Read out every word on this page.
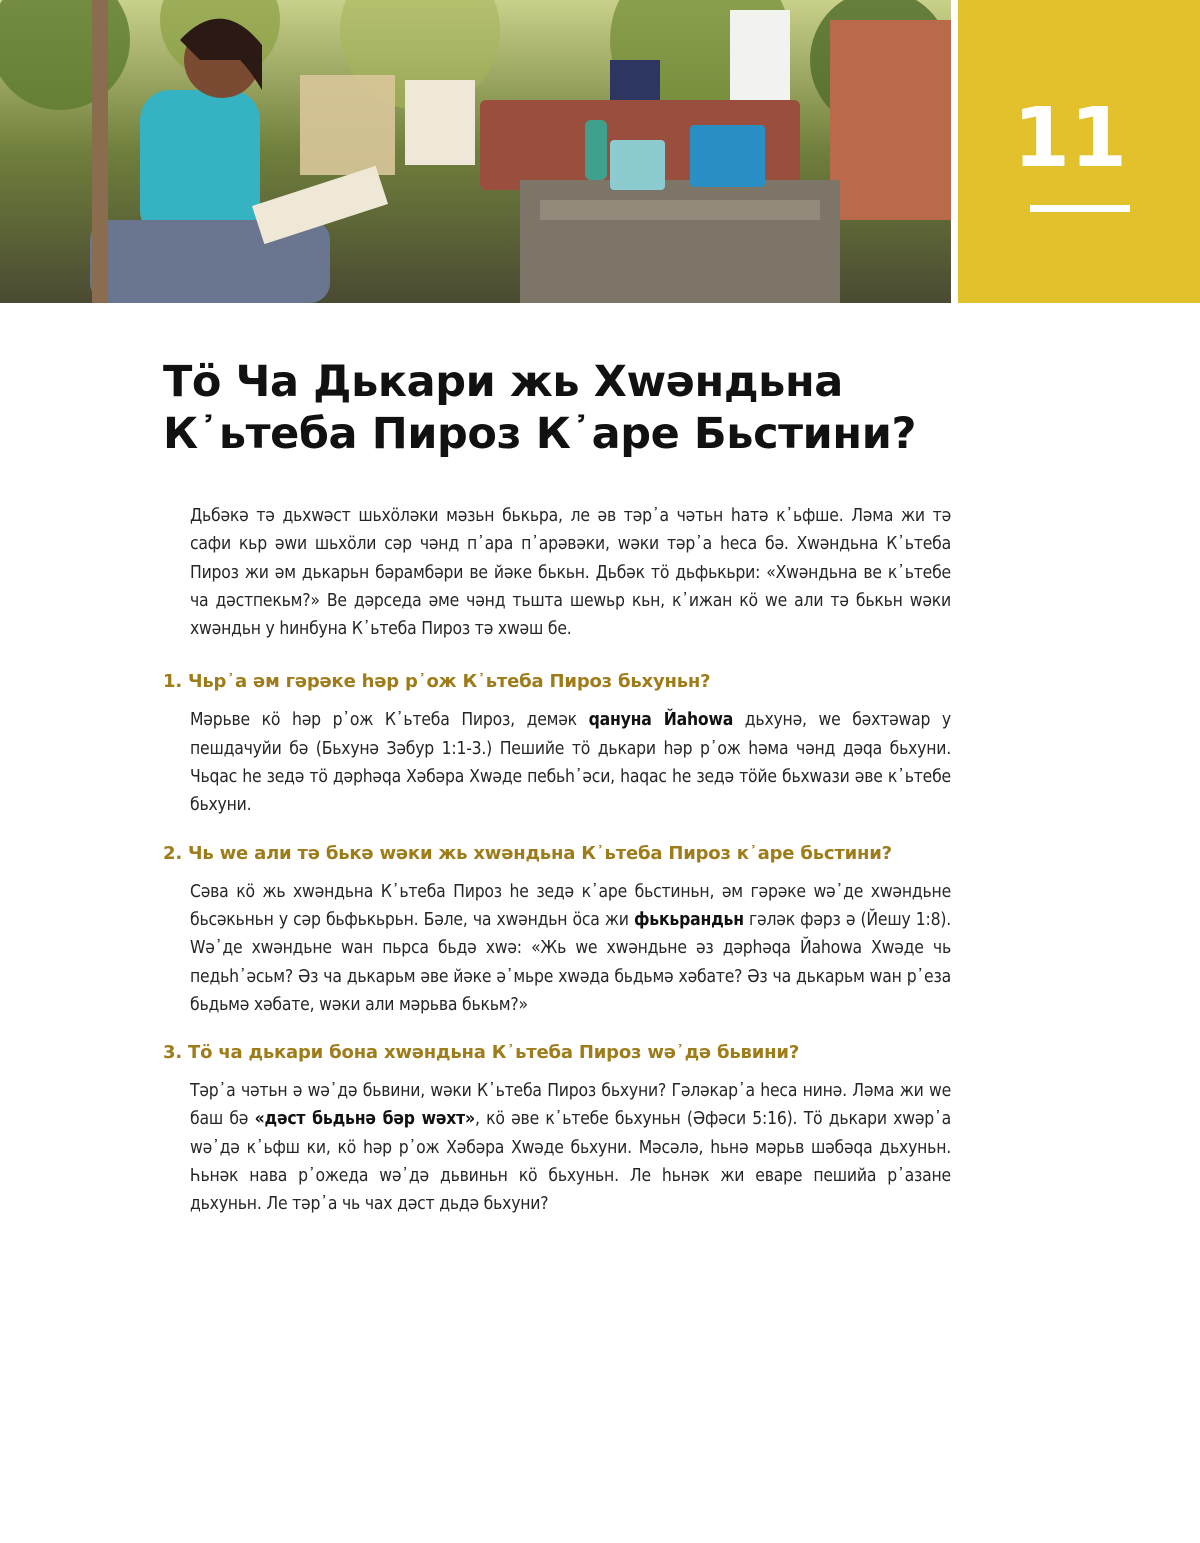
11
Тӧ Ча Дькари жь Хwәндьна
К᾽ьтеба Пироз К᾽аре Бьстини?

Дьбәкә тә дьхwәст шьхӧләки мәзьн бькьра, ле әв тәр᾽а чәтьн һатә к᾽ьфше. Ләма жи тә сафи кьр әwи шьхӧли сәр чәнд п᾽ара п᾽арәвәки, wәки тәр᾽а һеса бә. Хwәндьна К᾽ьтеба Пироз жи әм дькарьн бәрамбәри ве йәке бькьн. Дьбәк тӧ дьфькьри: «Хwәндьна ве к᾽ьтебе ча дәстпекьм?» Ве дәрседа әме чәнд тьшта шеwьр кьн, к᾽ижан кӧ wе али тә бькьн wәки хwәндьн у һинбуна К᾽ьтеба Пироз тә хwәш бе.

1. Чьр᾽а әм гәрәке һәр р᾽ож К᾽ьтеба Пироз бьхуньн?

Мәрьве кӧ һәр р᾽ож К᾽ьтеба Пироз, демәк qануна Йаһоwа дьхунә, wе бәхтәwар у пешдачуйи бә (Бьхунә Зәбур 1:1-3.) Пешийе тӧ дькари һәр р᾽ож һәма чәнд дәqа бьхуни. Чьqас һе зедә тӧ дәрһәqа Хәбәра Хwәде пебьһ᾽әси, һаqас һе зедә тӧйе бьхwази әве к᾽ьтебе бьхуни.

2. Чь wе али тә бькә wәки жь хwәндьна К᾽ьтеба Пироз к᾽аре бьстини?

Сәва кӧ жь хwәндьна К᾽ьтеба Пироз һе зедә к᾽аре бьстиньн, әм гәрәке wә᾽де хwәндьне бьсәкьньн у сәр бьфькьрьн. Бәле, ча хwәндьн ӧса жи фькьрандьн гәләк фәрз ә (Йешу 1:8). Wә᾽де хwәндьне wан пьрса бьдә хwә: «Жь wе хwәндьне әз дәрһәqа Йаһоwа Хwәде чь педьһ᾽әсьм? Әз ча дькарьм әве йәке ә᾽мьре хwәда бьдьмә хәбате? Әз ча дькарьм wан р᾽еза бьдьмә хәбате, wәки али мәрьва бькьм?»

3. Тӧ ча дькари бона хwәндьна К᾽ьтеба Пироз wә᾽дә бьвини?

Тәр᾽а чәтьн ә wә᾽дә бьвини, wәки К᾽ьтеба Пироз бьхуни? Гәләкар᾽а һеса нинә. Ләма жи wе баш бә «дәст бьдьнә бәр wәхт», кӧ әве к᾽ьтебе бьхуньн (Әфәси 5:16). Тӧ дькари хwәр᾽а wә᾽дә к᾽ьфш ки, кӧ һәр р᾽ож Хәбәра Хwәде бьхуни. Мәсәлә, һьнә мәрьв шәбәqа дьхуньн. Һьнәк нава р᾽ожеда wә᾽дә дьвиньн кӧ бьхуньн. Ле һьнәк жи еваре пешийа р᾽азане дьхуньн. Ле тәр᾽а чь чах дәст дьдә бьхуни?
